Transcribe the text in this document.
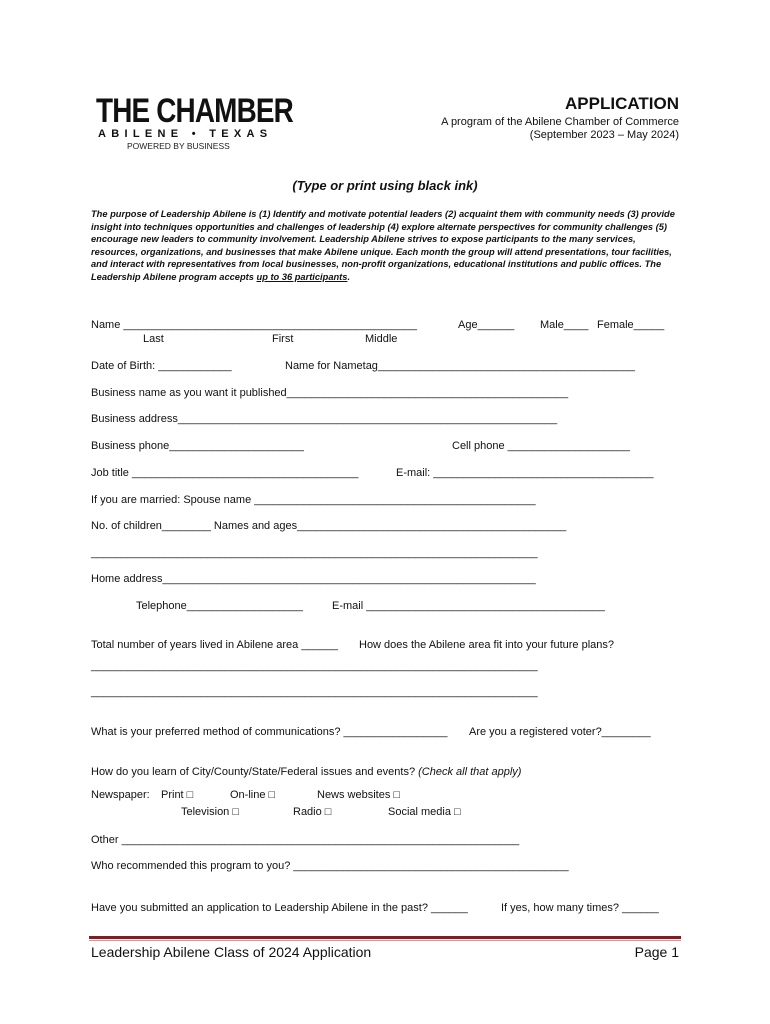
THE CHAMBER
ABILENE • TEXAS
POWERED BY BUSINESS
APPLICATION
A program of the Abilene Chamber of Commerce
(September 2023 – May 2024)
(Type or print using black ink)
The purpose of Leadership Abilene is (1) Identify and motivate potential leaders (2) acquaint them with community needs (3) provide insight into techniques opportunities and challenges of leadership (4) explore alternate perspectives for community challenges (5) encourage new leaders to community involvement. Leadership Abilene strives to expose participants to the many services, resources, organizations, and businesses that make Abilene unique. Each month the group will attend presentations, tour facilities, and interact with representatives from local businesses, non-profit organizations, educational institutions and public offices. The Leadership Abilene program accepts up to 36 participants.
Name ________________________________________________	Age______ Male____ Female_____
Last	First	Middle
Date of Birth: ____________	Name for Nametag__________________________________________
Business name as you want it published______________________________________________
Business address______________________________________________________________
Business phone______________________	Cell phone ____________________
Job title _____________________________________	E-mail: ____________________________________
If you are married: Spouse name ______________________________________________
No. of children________ Names and ages____________________________________________
_________________________________________________________________________
Home address_____________________________________________________________
Telephone___________________	E-mail _______________________________________
Total number of years lived in Abilene area ______ How does the Abilene area fit into your future plans?
_________________________________________________________________________
_________________________________________________________________________
What is your preferred method of communications? _________________ Are you a registered voter?________
How do you learn of City/County/State/Federal issues and events? (Check all that apply)
Newspaper: Print □	On-line □	News websites □
Television □	Radio □	Social media □
Other _________________________________________________________________
Who recommended this program to you? _____________________________________________
Have you submitted an application to Leadership Abilene in the past? ______	If yes, how many times? ______
Leadership Abilene Class of 2024 Application	Page 1
